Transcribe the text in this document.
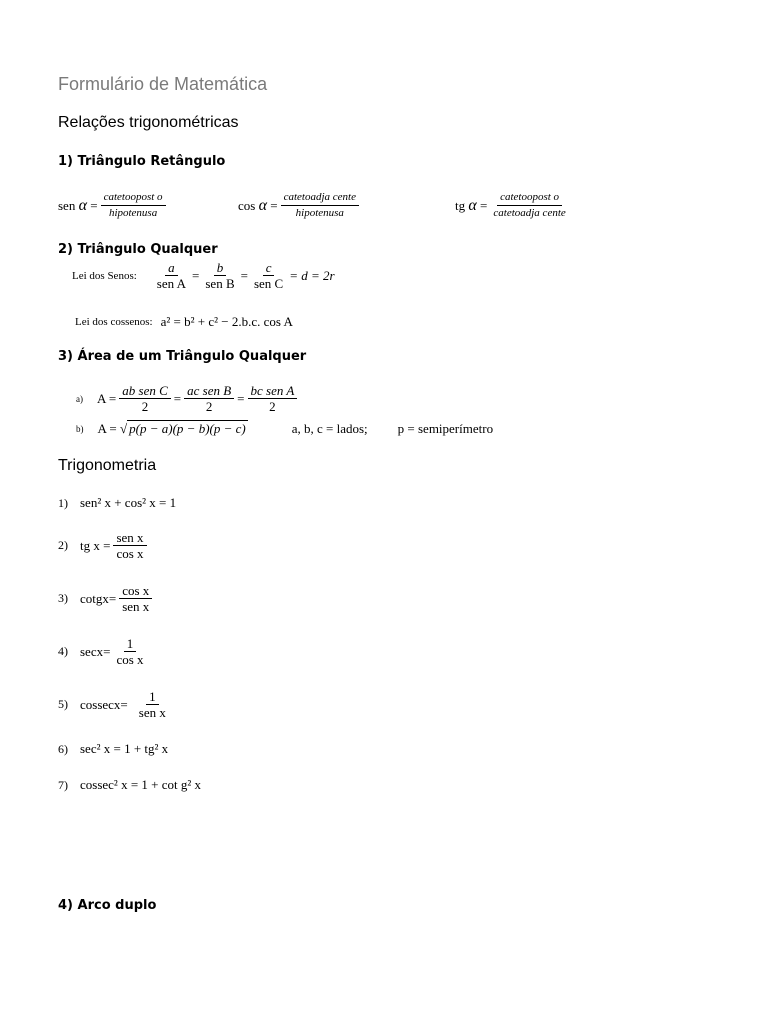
Formulário de Matemática
Relações trigonométricas
1) Triângulo Retângulo
sen
α
=
catetoopost o
hipotenusa
cos
α
=
catetoadja cente
hipotenusa
tg
α
=
catetoopost o
catetoadja cente
2) Triângulo Qualquer
Lei dos Senos:
a
sen A
= b
sen B
= c
sen C
= d = 2r
Lei dos cossenos: a² = b² + c² − 2.b.c. cos A
3) Área de um Triângulo Qualquer
a) A = ab sen C
2
= ac sen B
2
= bc sen A
2
b) A =
√ p(p − a)(p − b)(p − c)	a, b, c = lados; p = semiperímetro
Trigonometria
1) sen² x + cos² x = 1
2) tg x = sen x
cos x
3) cotgx= cos x
sen x
4) $\sec x= \frac{1}{\text{cos x}}$
5) cossecx= 1
sen x
6) sec² x = 1 + tg² x
7) cossec² x = 1 + cot g² x
4) Arco duplo
